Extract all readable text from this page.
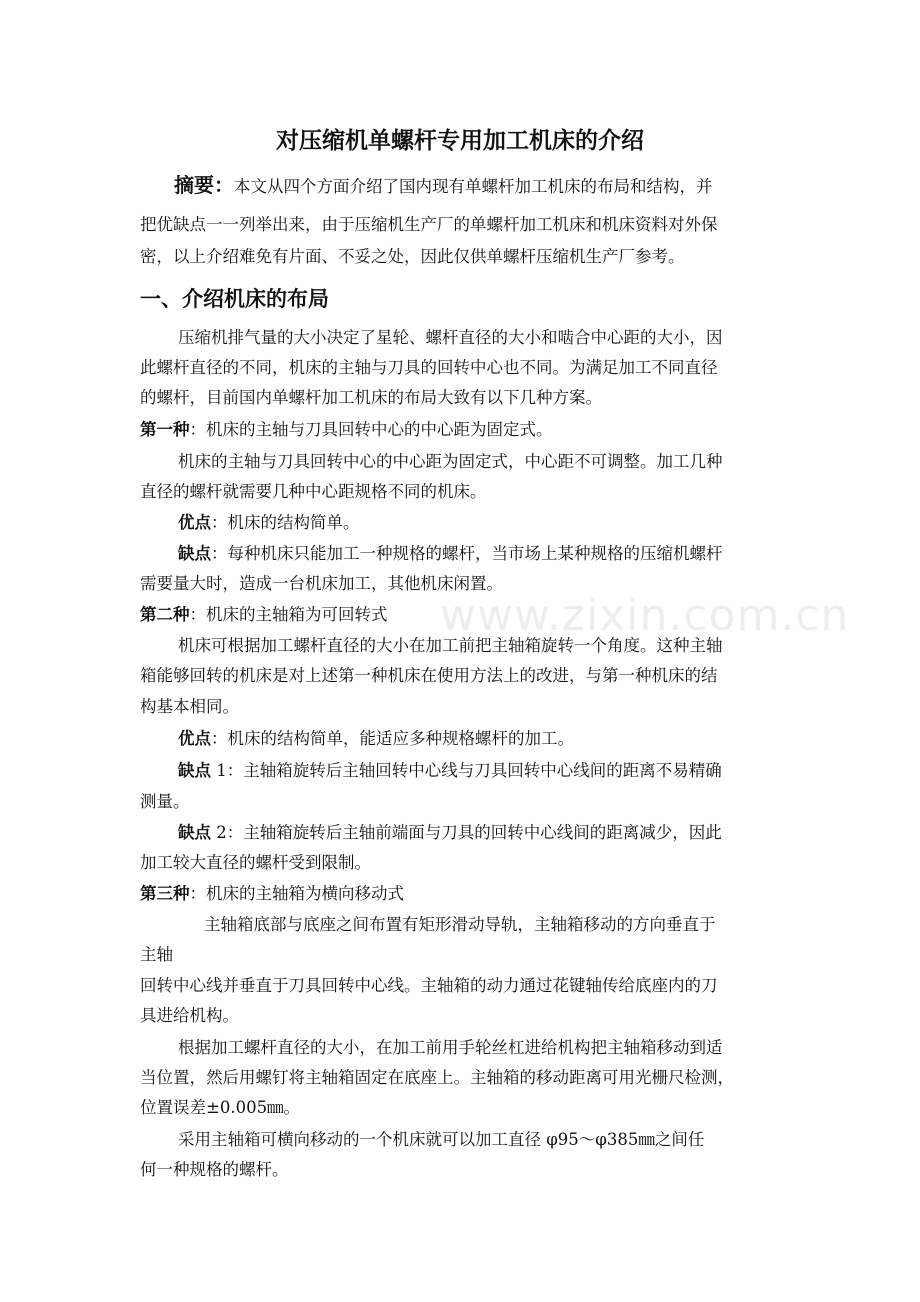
www.zixin.com.cn
对压缩机单螺杆专用加工机床的介绍
摘要：本文从四个方面介绍了国内现有单螺杆加工机床的布局和结构，并
把优缺点一一列举出来，由于压缩机生产厂的单螺杆加工机床和机床资料对外保
密，以上介绍难免有片面、不妥之处，因此仅供单螺杆压缩机生产厂参考。
一、介绍机床的布局
压缩机排气量的大小决定了星轮、螺杆直径的大小和啮合中心距的大小，因
此螺杆直径的不同，机床的主轴与刀具的回转中心也不同。为满足加工不同直径
的螺杆，目前国内单螺杆加工机床的布局大致有以下几种方案。
第一种：机床的主轴与刀具回转中心的中心距为固定式。
机床的主轴与刀具回转中心的中心距为固定式，中心距不可调整。加工几种
直径的螺杆就需要几种中心距规格不同的机床。
优点：机床的结构简单。
缺点：每种机床只能加工一种规格的螺杆，当市场上某种规格的压缩机螺杆
需要量大时，造成一台机床加工，其他机床闲置。
第二种：机床的主轴箱为可回转式
机床可根据加工螺杆直径的大小在加工前把主轴箱旋转一个角度。这种主轴
箱能够回转的机床是对上述第一种机床在使用方法上的改进，与第一种机床的结
构基本相同。
优点：机床的结构简单，能适应多种规格螺杆的加工。
缺点 1：主轴箱旋转后主轴回转中心线与刀具回转中心线间的距离不易精确
测量。
缺点 2：主轴箱旋转后主轴前端面与刀具的回转中心线间的距离减少，因此
加工较大直径的螺杆受到限制。
第三种：机床的主轴箱为横向移动式
主轴箱底部与底座之间布置有矩形滑动导轨，主轴箱移动的方向垂直于
主轴
回转中心线并垂直于刀具回转中心线。主轴箱的动力通过花键轴传给底座内的刀
具进给机构。
根据加工螺杆直径的大小，在加工前用手轮丝杠进给机构把主轴箱移动到适
当位置，然后用螺钉将主轴箱固定在底座上。主轴箱的移动距离可用光栅尺检测，
位置误差±0.005㎜。
采用主轴箱可横向移动的一个机床就可以加工直径 φ95～φ385㎜之间任
何一种规格的螺杆。
